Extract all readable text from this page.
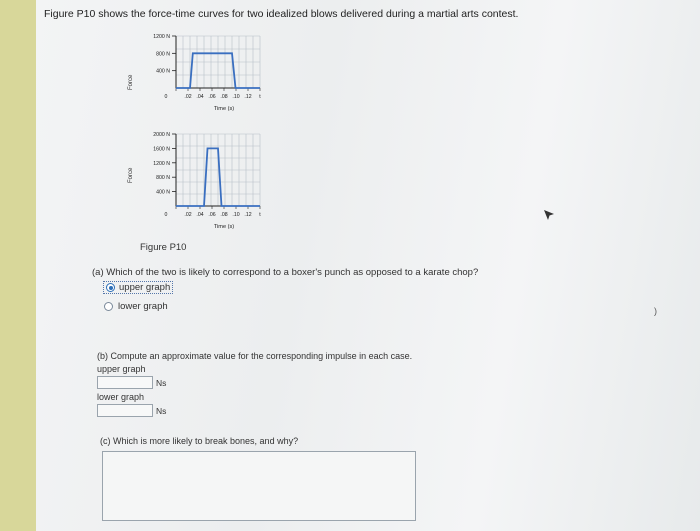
Figure P10 shows the force-time curves for two idealized blows delivered during a martial arts contest.
Force
1200 N
800 N
400 N
0	.02 .04 .06 .08 .10 .12 t
Time (s)
Force
2000 N
1600 N
1200 N
800 N
400 N
0	.02 .04 .06 .08 .10 .12 t
Time (s)
Figure P10
(a) Which of the two is likely to correspond to a boxer's punch as opposed to a karate chop?
upper graph
lower graph	)
(b) Compute an approximate value for the corresponding impulse in each case.
upper graph
Ns
lower graph
Ns
(c) Which is more likely to break bones, and why?
